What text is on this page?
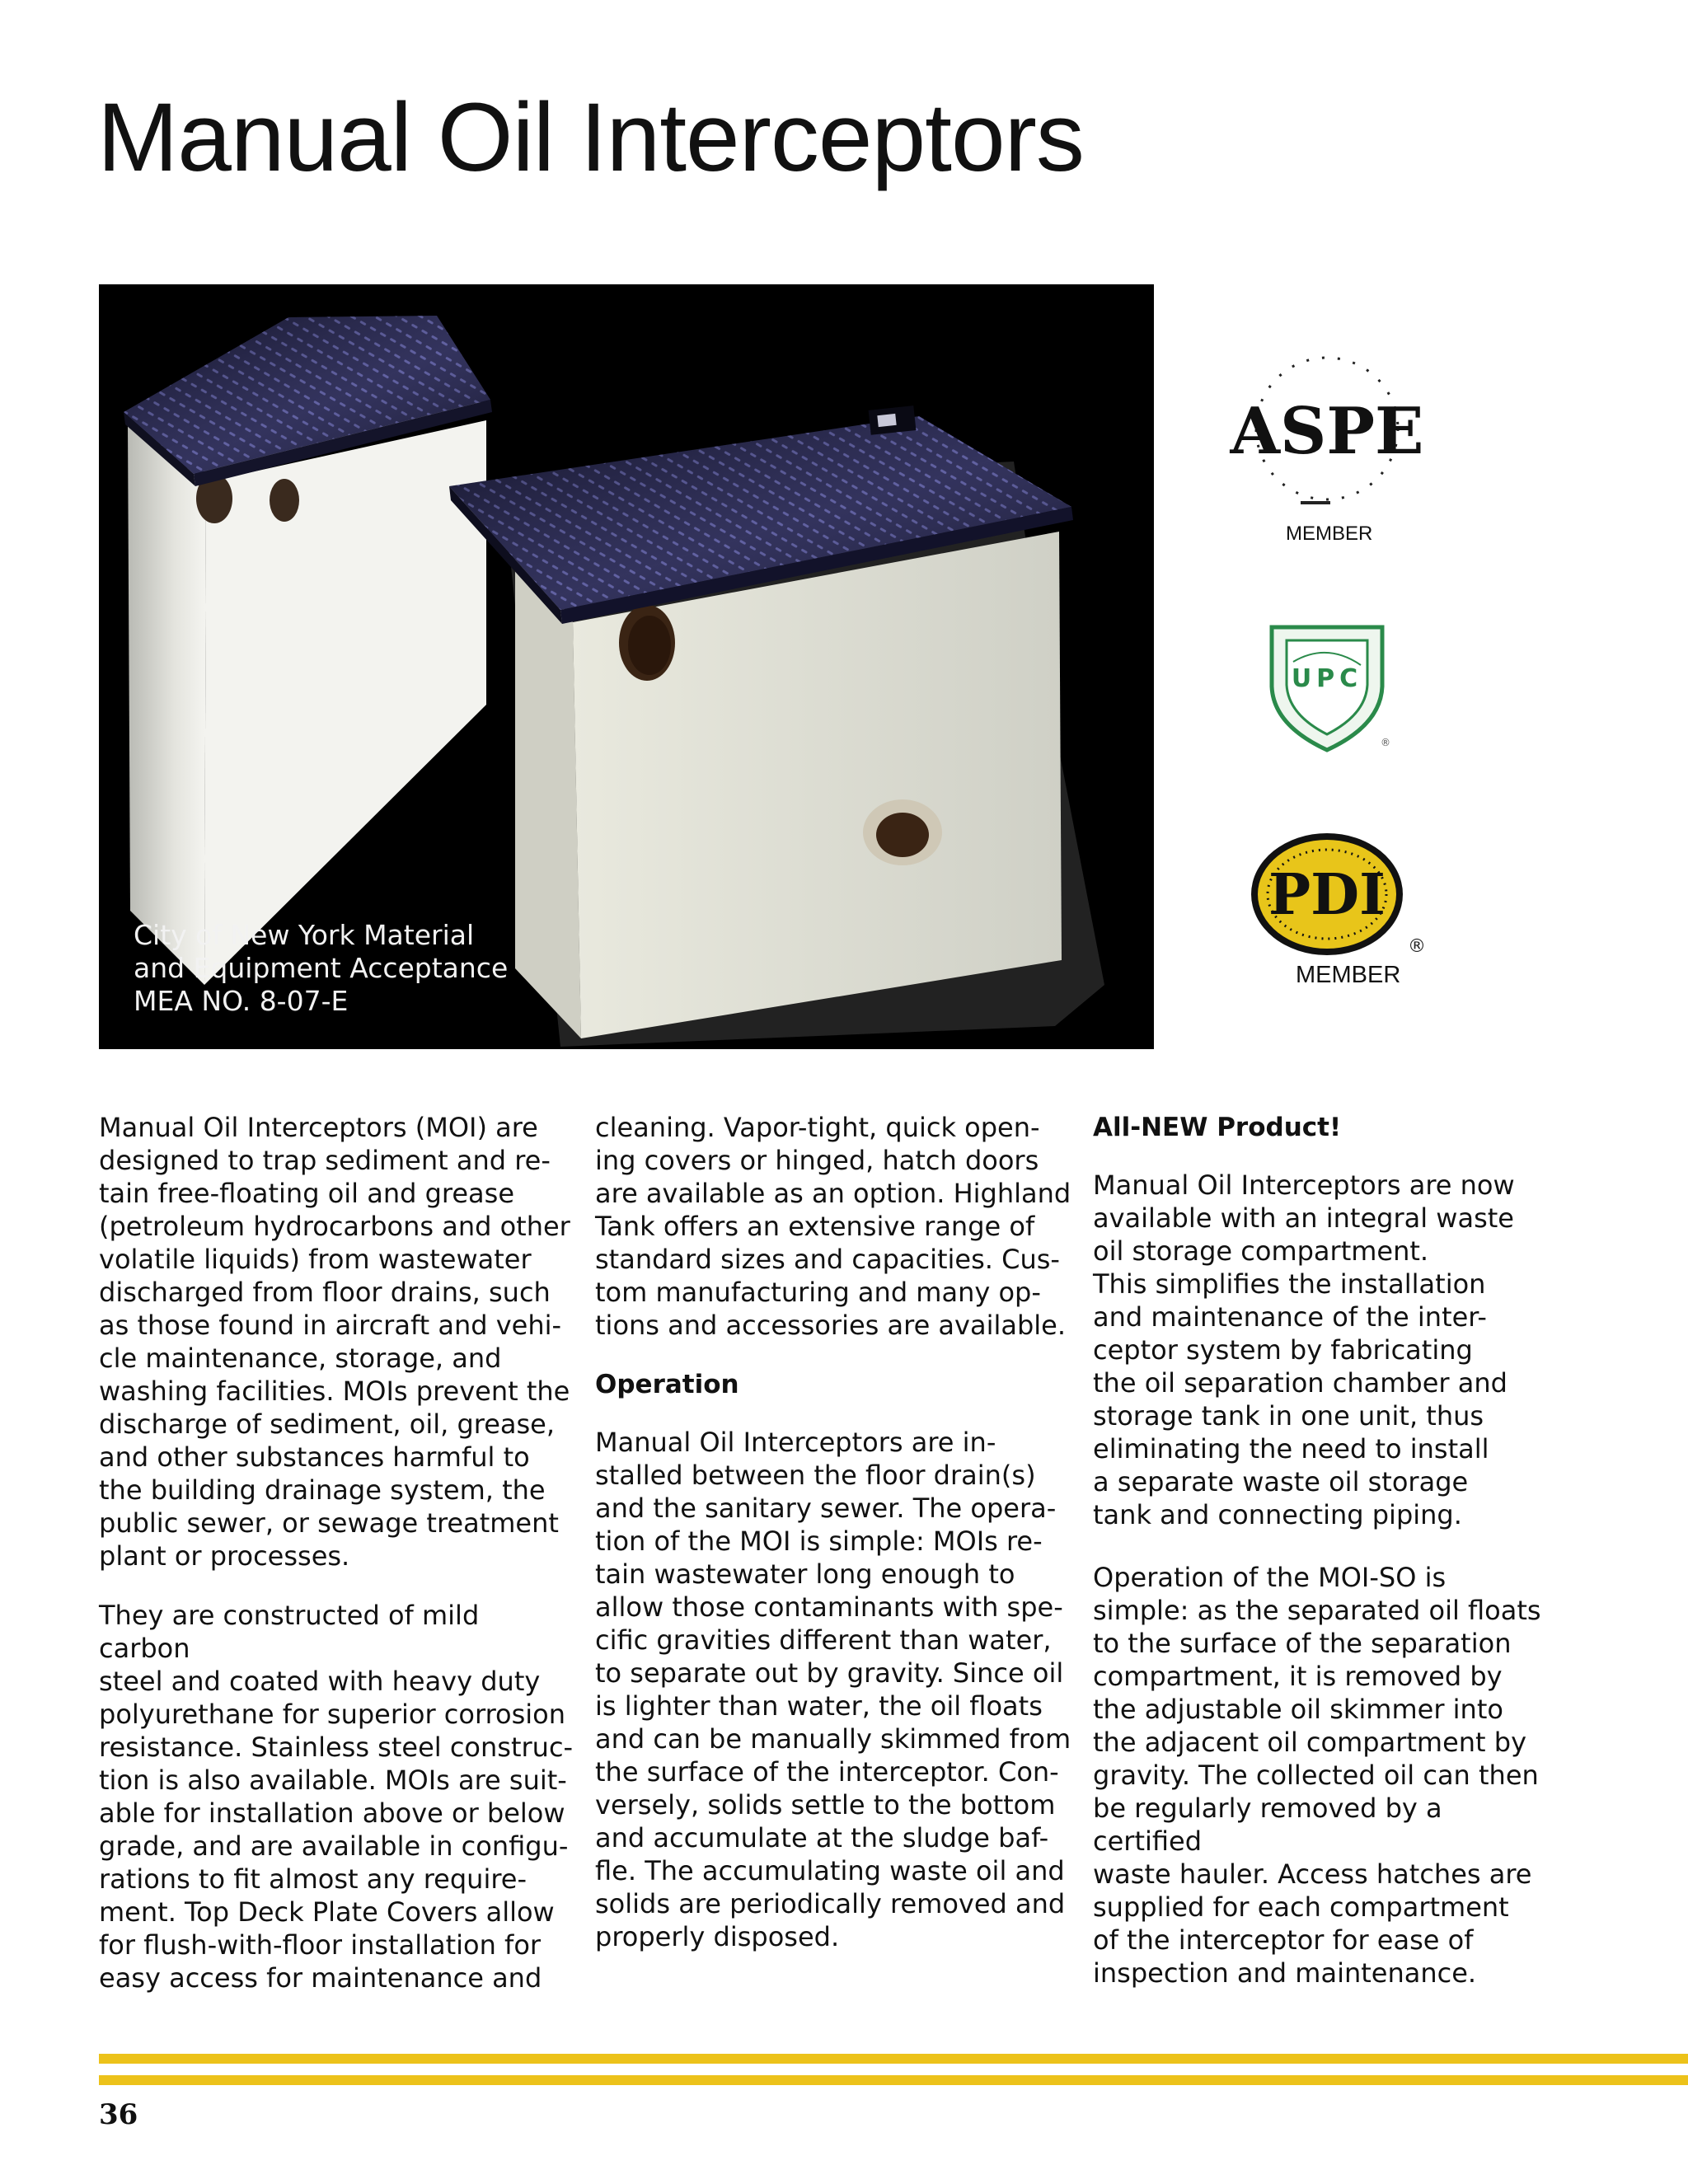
Manual Oil Interceptors
City of New York Material
and Equipment Acceptance
MEA NO. 8-07-E
ASPE
MEMBER
UPC
®
PDI
®
MEMBER

Manual Oil Interceptors (MOI) are
designed to trap sediment and re-
tain free-floating oil and grease
(petroleum hydrocarbons and other
volatile liquids) from wastewater
discharged from floor drains, such
as those found in aircraft and vehi-
cle maintenance, storage, and
washing facilities. MOIs prevent the
discharge of sediment, oil, grease,
and other substances harmful to
the building drainage system, the
public sewer, or sewage treatment
plant or processes.

They are constructed of mild carbon
steel and coated with heavy duty
polyurethane for superior corrosion
resistance. Stainless steel construc-
tion is also available. MOIs are suit-
able for installation above or below
grade, and are available in configu-
rations to fit almost any require-
ment. Top Deck Plate Covers allow
for flush-with-floor installation for
easy access for maintenance and

cleaning. Vapor-tight, quick open-
ing covers or hinged, hatch doors
are available as an option. Highland
Tank offers an extensive range of
standard sizes and capacities. Cus-
tom manufacturing and many op-
tions and accessories are available.

Operation

Manual Oil Interceptors are in-
stalled between the floor drain(s)
and the sanitary sewer. The opera-
tion of the MOI is simple: MOIs re-
tain wastewater long enough to
allow those contaminants with spe-
cific gravities different than water,
to separate out by gravity. Since oil
is lighter than water, the oil floats
and can be manually skimmed from
the surface of the interceptor. Con-
versely, solids settle to the bottom
and accumulate at the sludge baf-
fle. The accumulating waste oil and
solids are periodically removed and
properly disposed.

All-NEW Product!

Manual Oil Interceptors are now
available with an integral waste
oil storage compartment.
This simplifies the installation
and maintenance of the inter-
ceptor system by fabricating
the oil separation chamber and
storage tank in one unit, thus
eliminating the need to install
a separate waste oil storage
tank and connecting piping.

Operation of the MOI-SO is
simple: as the separated oil floats
to the surface of the separation
compartment, it is removed by
the adjustable oil skimmer into
the adjacent oil compartment by
gravity. The collected oil can then
be regularly removed by a certified
waste hauler. Access hatches are
supplied for each compartment
of the interceptor for ease of
inspection and maintenance.

36
